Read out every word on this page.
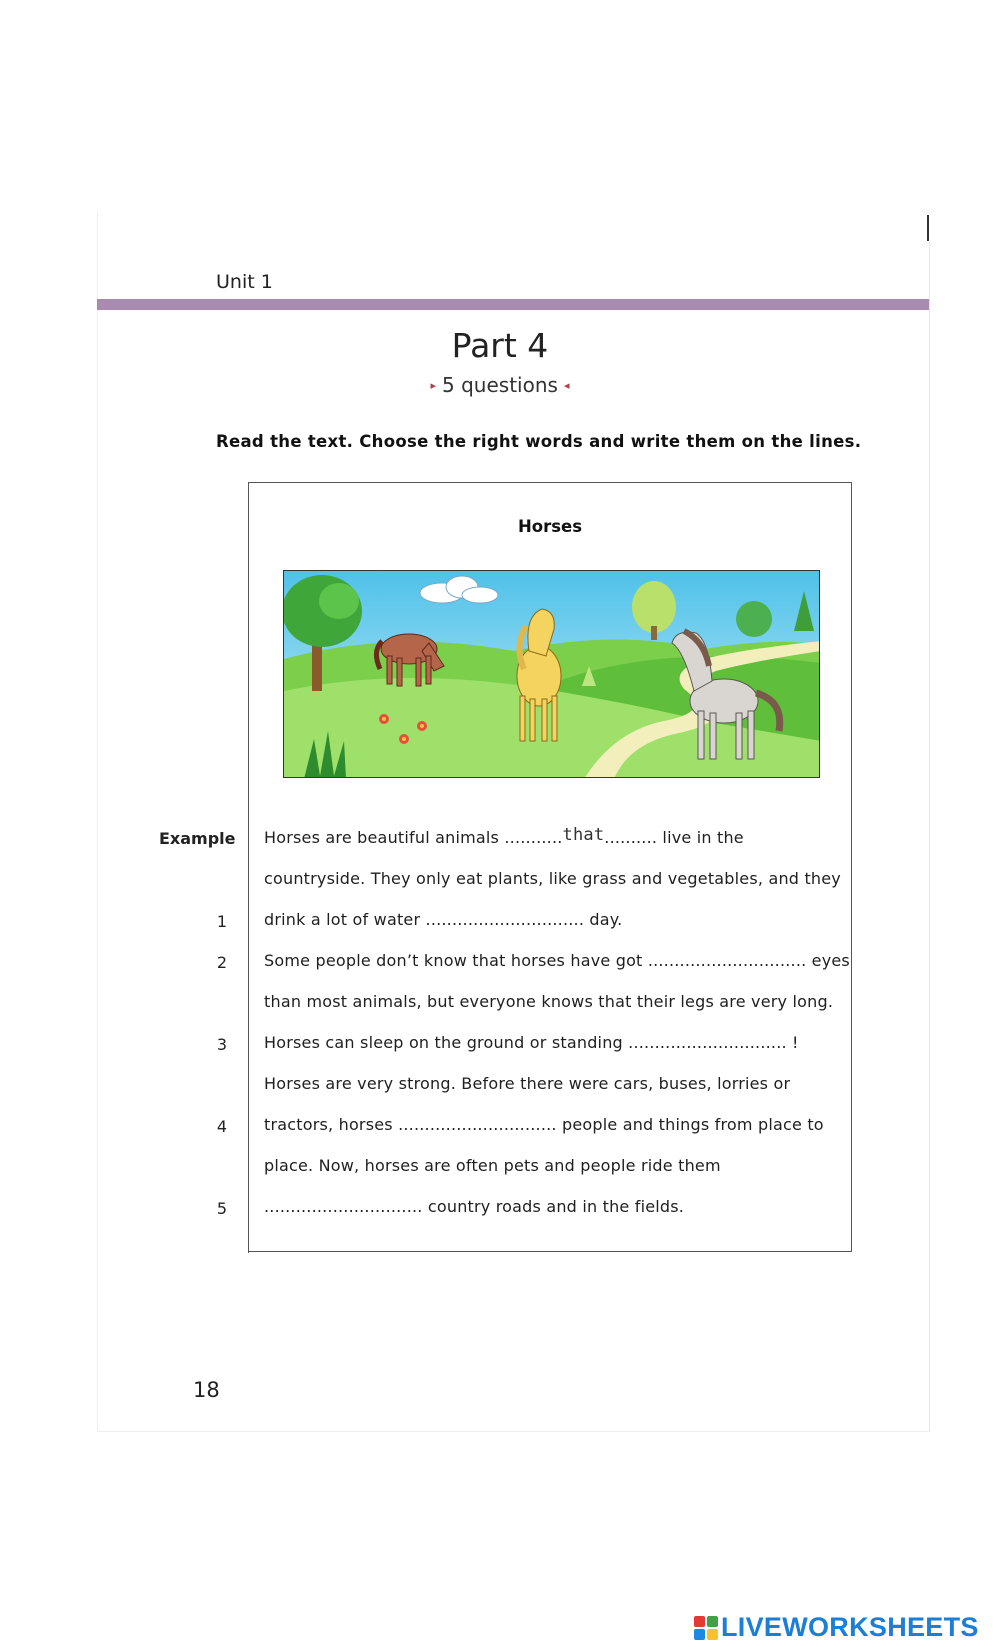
Unit 1
Part 4
▸ 5 questions ◂
Read the text. Choose the right words and write them on the lines.
Horses
Example
1
2
3
4
5
Horses are beautiful animals ...........that.......... live in the
countryside. They only eat plants, like grass and vegetables, and they
drink a lot of water .............................. day.
Some people don’t know that horses have got .............................. eyes
than most animals, but everyone knows that their legs are very long.
Horses can sleep on the ground or standing .............................. !
Horses are very strong. Before there were cars, buses, lorries or
tractors, horses .............................. people and things from place to
place. Now, horses are often pets and people ride them
.............................. country roads and in the fields.
18
LIVEWORKSHEETS
